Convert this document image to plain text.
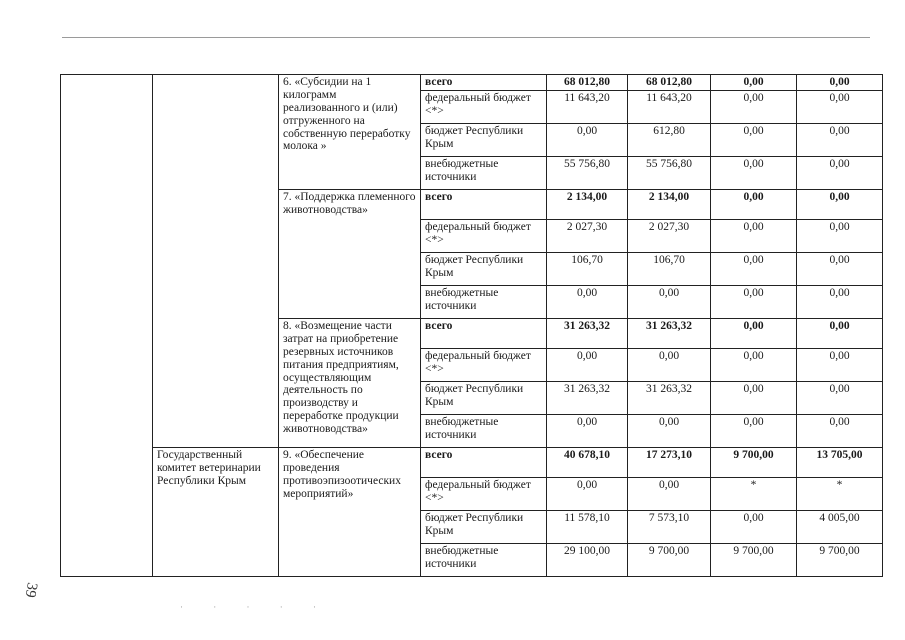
		6. «Субсидии на 1 килограмм реализованного и (или) отгруженного на собственную переработку молока »	всего	68 012,80	68 012,80	0,00	0,00
			федеральный бюджет <*>	11 643,20	11 643,20	0,00	0,00
			бюджет Республики Крым	0,00	612,80	0,00	0,00
			внебюджетные источники	55 756,80	55 756,80	0,00	0,00
		7. «Поддержка племенного животноводства»	всего	2 134,00	2 134,00	0,00	0,00
			федеральный бюджет <*>	2 027,30	2 027,30	0,00	0,00
			бюджет Республики Крым	106,70	106,70	0,00	0,00
			внебюджетные источники	0,00	0,00	0,00	0,00
		8. «Возмещение части затрат на приобретение резервных источников питания предприятиям, осуществляющим деятельность по производству и переработке продукции животноводства»	всего	31 263,32	31 263,32	0,00	0,00
			федеральный бюджет <*>	0,00	0,00	0,00	0,00
			бюджет Республики Крым	31 263,32	31 263,32	0,00	0,00
			внебюджетные источники	0,00	0,00	0,00	0,00
	Государственный комитет ветеринарии Республики Крым	9. «Обеспечение проведения противоэпизоотических мероприятий»	всего	40 678,10	17 273,10	9 700,00	13 705,00
			федеральный бюджет <*>	0,00	0,00	*	*
			бюджет Республики Крым	11 578,10	7 573,10	0,00	4 005,00
			внебюджетные источники	29 100,00	9 700,00	9 700,00	9 700,00
39
· · · · ·
